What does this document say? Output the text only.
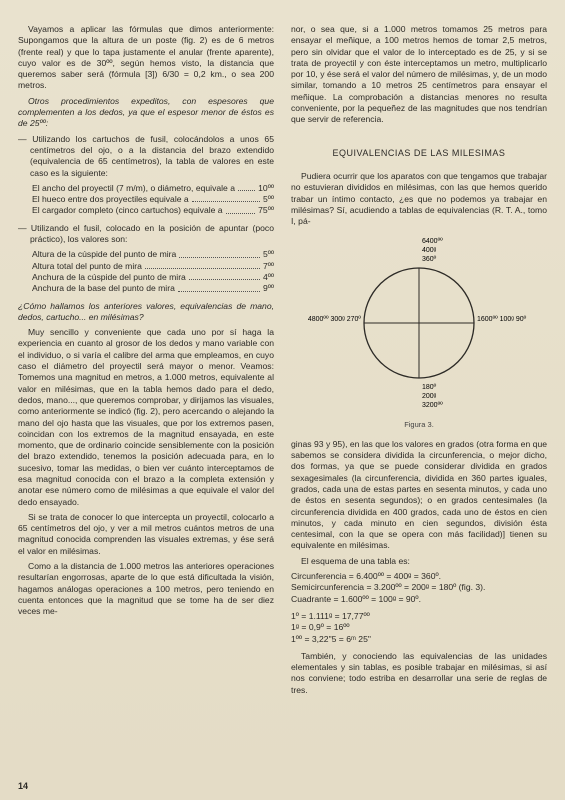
Vayamos a aplicar las fórmulas que dimos anteriormente: Supongamos que la altura de un poste (fig. 2) es de 6 metros (frente real) y que lo tapa justamente el anular (frente aparente), cuyo valor es de 30ºº, según hemos visto, la distancia que queremos saber será (fórmula [3]) 6/30 = 0,2 km., o sea 200 metros.

Otros procedimientos expeditos, con espesores que complementen a los dedos, ya que el espesor menor de éstos es de 25ºº:

— Utilizando los cartuchos de fusil, colocándolos a unos 65 centímetros del ojo, o a la distancia del brazo extendido (equivalencia de 65 centímetros), la tabla de valores en este caso es la siguiente:

El ancho del proyectil (7 m/m), o diámetro, equivale a	10ºº
El hueco entre dos proyectiles equivale a	5ºº
El cargador completo (cinco cartuchos) equivale a	75ºº

— Utilizando el fusil, colocado en la posición de apuntar (poco práctico), los valores son:

Altura de la cúspide del punto de mira	5ºº
Altura total del punto de mira	7ºº
Anchura de la cúspide del punto de mira	4ºº
Anchura de la base del punto de mira	9ºº

¿Cómo hallamos los anteriores valores, equivalencias de mano, dedos, cartucho... en milésimas?

Muy sencillo y conveniente que cada uno por sí haga la experiencia en cuanto al grosor de los dedos y mano variable con el individuo, o si varía el calibre del arma que empleamos, en cuyo caso el diámetro del proyectil será mayor o menor. Veamos: Tomemos una magnitud en metros, a 1.000 metros, equivalente al valor en milésimas, que en la tabla hemos dado para el dedo, dedos, mano..., que queremos comprobar, y dirijamos las visuales, como anteriormente se indicó (fig. 2), pero acercando o alejando la mano del ojo hasta que las visuales, que por los extremos pasen, coincidan con los extremos de la magnitud ensayada, en este momento, que de ordinario coincide sensiblemente con la posición del brazo extendido, tenemos la posición adecuada para, en lo sucesivo, tomar las medidas, o bien ver cuánto interceptamos de esa magnitud conocida con el brazo a la completa extensión y anotar ese número como de milésimas a que equivale el valor del dedo ensayado.

Si se trata de conocer lo que intercepta un proyectil, colocarlo a 65 centímetros del ojo, y ver a mil metros cuántos metros de una magnitud conocida comprenden las visuales extremas, y ése será el valor en milésimas.

Como a la distancia de 1.000 metros las anteriores operaciones resultarían engorrosas, aparte de lo que está dificultada la visión, hagamos análogas operaciones a 100 metros, pero teniendo en cuenta entonces que la magnitud que se tome ha de ser diez veces me-

nor, o sea que, si a 1.000 metros tomamos 25 metros para ensayar el meñique, a 100 metros hemos de tomar 2,5 metros, pero sin olvidar que el valor de lo interceptado es de 25, y si se trata de proyectil y con éste interceptamos un metro, multiplicarlo por 10, y ése será el valor del número de milésimas, y, de un modo similar, tomando a 10 metros 25 centímetros para ensayar el meñique. La comprobación a distancias menores no resulta conveniente, por la pequeñez de las magnitudes que nos tendrían que servir de referencia.

EQUIVALENCIAS DE LAS MILESIMAS

Pudiera ocurrir que los aparatos con que tengamos que trabajar no estuvieran divididos en milésimas, con las que hemos querido trabar un íntimo contacto, ¿es que no podemos ya trabajar en milésimas? Sí, acudiendo a tablas de equivalencias (R. T. A., tomo I, pá-

6400ºº
400ᵍ
360º
4800ºº 300ᵍ 270º	1600ºº 100ᵍ 90º
180º
200ᵍ
3200ºº
Figura 3.

ginas 93 y 95), en las que los valores en grados (otra forma en que sabemos se considera dividida la circunferencia, o mejor dicho, dos formas, ya que se puede considerar dividida en grados sexagesimales (la circunferencia, dividida en 360 partes iguales, grados, cada una de estas partes en sesenta minutos, y cada uno de éstos en sesenta segundos); o en grados centesimales (la circunferencia dividida en 400 grados, cada uno de éstos en cien minutos, y cada minuto en cien segundos, división ésta centesimal, con la que se opera con más facilidad)] tienen su equivalente en milésimas.

El esquema de una tabla es:

Circunferencia = 6.400ºº = 400ᵍ = 360º.

Semicircunferencia = 3.200ºº = 200ᵍ = 180º (fig. 3).

Cuadrante = 1.600ºº = 100ᵍ = 90º.

1º = 1.111ᵍ = 17,77ºº

1ᵍ = 0,9º = 16ºº

1ºº = 3,22"5 = 6ᵐ 25"

También, y conociendo las equivalencias de las unidades elementales y sin tablas, es posible trabajar en milésimas, si así nos conviene; todo estriba en desarrollar una serie de reglas de tres.

14
